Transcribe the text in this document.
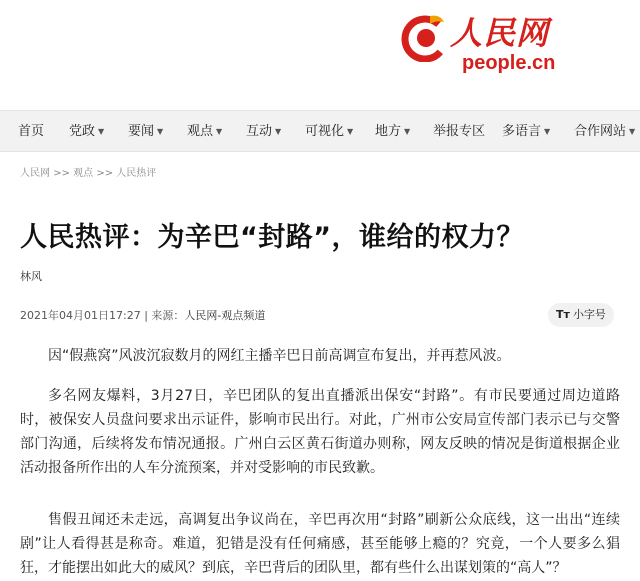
人民网
people.cn
首页 党政 ▼ 要闻 ▼ 观点 ▼ 互动 ▼ 可视化 ▼ 地方 ▼ 举报专区 多语言 ▼ 合作网站 ▼
人民网 >> 观点 >> 人民热评
人民热评：为辛巴“封路”，谁给的权力？
林风
2021年04月01日17:27 | 来源：人民网-观点频道	Tт 小字号

因“假燕窝”风波沉寂数月的网红主播辛巴日前高调宣布复出，并再惹风波。

多名网友爆料，3月27日，辛巴团队的复出直播派出保安“封路”。有市民要通过周边道路时，被保安人员盘问要求出示证件，影响市民出行。对此，广州市公安局宣传部门表示已与交警部门沟通，后续将发布情况通报。广州白云区黄石街道办则称，网友反映的情况是街道根据企业活动报备所作出的人车分流预案，并对受影响的市民致歉。

售假丑闻还未走远，高调复出争议尚在，辛巴再次用“封路”刷新公众底线，这一出出“连续剧”让人看得甚是称奇。难道，犯错是没有任何痛感，甚至能够上瘾的？究竟，一个人要多么猖狂，才能摆出如此大的威风？到底，辛巴背后的团队里，都有些什么出谋划策的“高人”？
